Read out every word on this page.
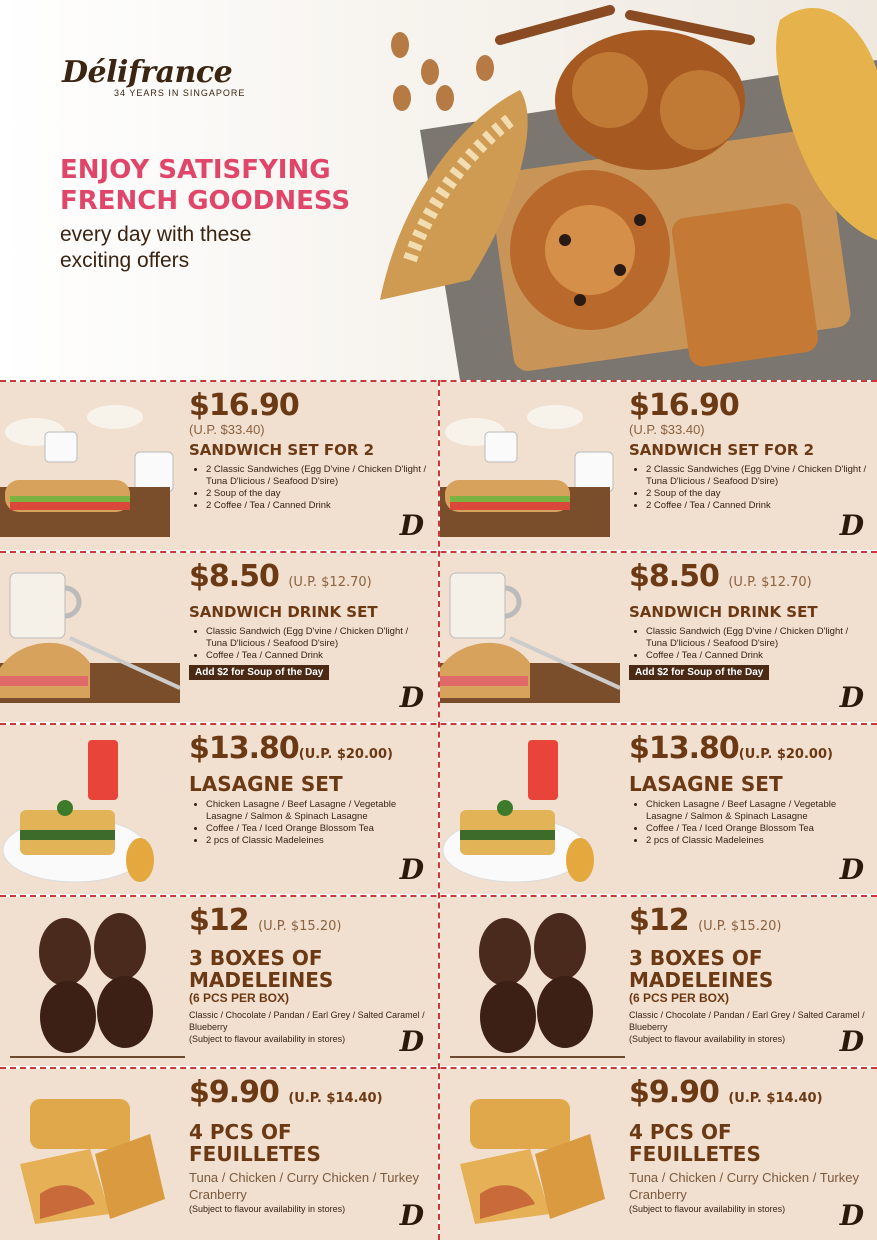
Délifrance
34 YEARS IN SINGAPORE
ENJOY SATISFYING
FRENCH GOODNESS
every day with these
exciting offers
$16.90
(U.P. $33.40)
SANDWICH SET FOR 2
• 2 Classic Sandwiches (Egg D'vine / Chicken D'light / Tuna D'licious / Seafood D'sire)
• 2 Soup of the day
• 2 Coffee / Tea / Canned Drink
D
$16.90
(U.P. $33.40)
SANDWICH SET FOR 2
• 2 Classic Sandwiches (Egg D'vine / Chicken D'light / Tuna D'licious / Seafood D'sire)
• 2 Soup of the day
• 2 Coffee / Tea / Canned Drink
D
$8.50 (U.P. $12.70)
SANDWICH DRINK SET
• Classic Sandwich (Egg D'vine / Chicken D'light / Tuna D'licious / Seafood D'sire)
• Coffee / Tea / Canned Drink
Add $2 for Soup of the Day
D
$8.50 (U.P. $12.70)
SANDWICH DRINK SET
• Classic Sandwich (Egg D'vine / Chicken D'light / Tuna D'licious / Seafood D'sire)
• Coffee / Tea / Canned Drink
Add $2 for Soup of the Day
D
$13.80(U.P. $20.00)
LASAGNE SET
• Chicken Lasagne / Beef Lasagne / Vegetable Lasagne / Salmon & Spinach Lasagne
• Coffee / Tea / Iced Orange Blossom Tea
• 2 pcs of Classic Madeleines
D
$13.80(U.P. $20.00)
LASAGNE SET
• Chicken Lasagne / Beef Lasagne / Vegetable Lasagne / Salmon & Spinach Lasagne
• Coffee / Tea / Iced Orange Blossom Tea
• 2 pcs of Classic Madeleines
D
$12 (U.P. $15.20)
3 BOXES OF
MADELEINES
(6 PCS PER BOX)
Classic / Chocolate / Pandan / Earl Grey / Salted Caramel / Blueberry
(Subject to flavour availability in stores)	D
$12 (U.P. $15.20)
3 BOXES OF
MADELEINES
(6 PCS PER BOX)
Classic / Chocolate / Pandan / Earl Grey / Salted Caramel / Blueberry
(Subject to flavour availability in stores)	D
$9.90 (U.P. $14.40)
4 PCS OF
FEUILLETES
Tuna / Chicken / Curry Chicken / Turkey Cranberry
(Subject to flavour availability in stores)	D
$9.90 (U.P. $14.40)
4 PCS OF
FEUILLETES
Tuna / Chicken / Curry Chicken / Turkey Cranberry
(Subject to flavour availability in stores)	D
